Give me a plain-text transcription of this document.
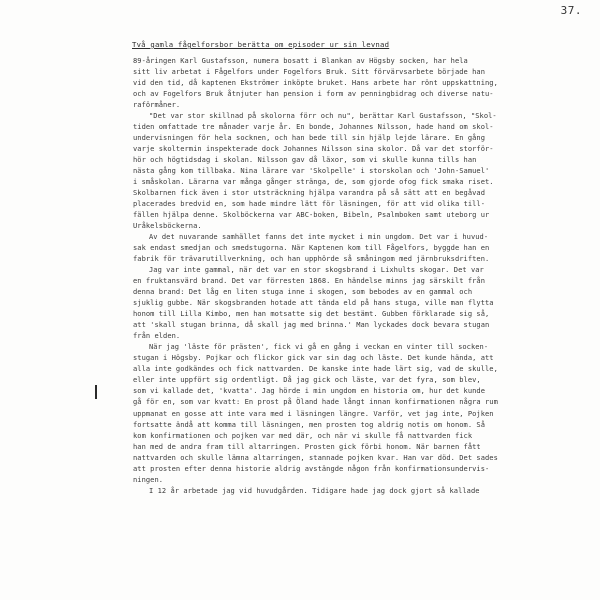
37.
Två gamla fågelforsbor berätta om episoder ur sin levnad
89-åringen Karl Gustafsson, numera bosatt i Blankan av Högsby socken, har hela
sitt liv arbetat i Fågelfors under Fogelfors Bruk. Sitt förvärvsarbete började han
vid den tid, då kaptenen Ekströmer inköpte bruket. Hans arbete har rönt uppskattning,
och av Fogelfors Bruk åtnjuter han pension i form av penningbidrag och diverse natu-
raförmåner.
"Det var stor skillnad på skolorna förr och nu", berättar Karl Gustafsson, "Skol-
tiden omfattade tre månader varje år. En bonde, Johannes Nilsson, hade hand om skol-
undervisningen för hela socknen, och han bede till sin hjälp lejde lärare. En gång
varje skoltermin inspekterade dock Johannes Nilsson sina skolor. Då var det storför-
hör och högtidsdag i skolan. Nilsson gav då läxor, som vi skulle kunna tills han
nästa gång kom tillbaka. Nina lärare var 'Skolpelle' i storskolan och 'John-Samuel'
i småskolan. Lärarna var många gånger stränga, de, som gjorde ofog fick smaka riset.
Skolbarnen fick även i stor utsträckning hjälpa varandra på så sätt att en begåvad
placerades bredvid en, som hade mindre lätt för läsningen, för att vid olika till-
fällen hjälpa denne. Skolböckerna var ABC-boken, Bibeln, Psalmboken samt uteborg ur
Uråkelsböckerna.
Av det nuvarande samhället fanns det inte mycket i min ungdom. Det var i huvud-
sak endast smedjan och smedstugorna. När Kaptenen kom till Fågelfors, byggde han en
fabrik för trävarutillverkning, och han upphörde så småningom med järnbruksdriften.
Jag var inte gammal, när det var en stor skogsbrand i Lixhults skogar. Det var
en fruktansvärd brand. Det var förresten 1868. En händelse minns jag särskilt från
denna brand: Det låg en liten stuga inne i skogen, som bebodes av en gammal och
sjuklig gubbe. När skogsbranden hotade att tända eld på hans stuga, ville man flytta
honom till Lilla Kimbo, men han motsatte sig det bestämt. Gubben förklarade sig så,
att 'skall stugan brinna, då skall jag med brinna.' Man lyckades dock bevara stugan
från elden.
När jag 'läste för prästen', fick vi gå en gång i veckan en vinter till socken-
stugan i Högsby. Pojkar och flickor gick var sin dag och läste. Det kunde hända, att
alla inte godkändes och fick nattvarden. De kanske inte hade lärt sig, vad de skulle,
eller inte uppfört sig ordentligt. Då jag gick och läste, var det fyra, som blev,
som vi kallade det, 'kvatta'. Jag hörde i min ungdom en historia om, hur det kunde
gå för en, som var kvatt: En prost på Öland hade långt innan konfirmationen några rum
uppmanat en gosse att inte vara med i läsningen längre. Varför, vet jag inte, Pojken
fortsatte ändå att komma till läsningen, men prosten tog aldrig notis om honom. Så
kom konfirmationen och pojken var med där, och när vi skulle få nattvarden fick
han med de andra fram till altarringen. Prosten gick förbi honom. När barnen fått
nattvarden och skulle lämna altarringen, stannade pojken kvar. Han var död. Det sades
att prosten efter denna historie aldrig avstängde någon från konfirmationsundervis-
ningen.
I 12 år arbetade jag vid huvudgården. Tidigare hade jag dock gjort så kallade
